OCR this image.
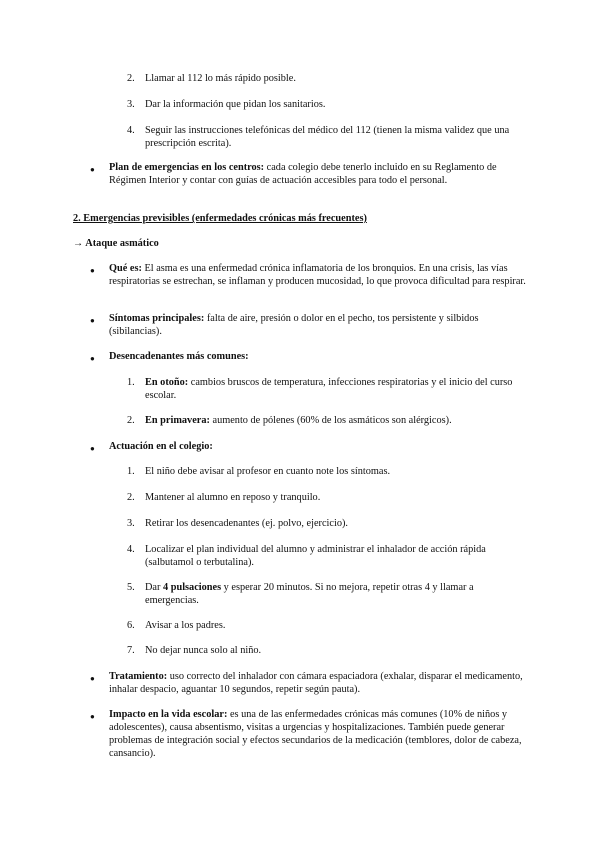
2. Llamar al 112 lo más rápido posible.
3. Dar la información que pidan los sanitarios.
4. Seguir las instrucciones telefónicas del médico del 112 (tienen la misma validez que una prescripción escrita).
● Plan de emergencias en los centros: cada colegio debe tenerlo incluido en su Reglamento de Régimen Interior y contar con guías de actuación accesibles para todo el personal.

2. Emergencias previsibles (enfermedades crónicas más frecuentes)
→ Ataque asmático
● Qué es: El asma es una enfermedad crónica inflamatoria de los bronquios. En una crisis, las vías respiratorias se estrechan, se inflaman y producen mucosidad, lo que provoca dificultad para respirar.

● Síntomas principales: falta de aire, presión o dolor en el pecho, tos persistente y silbidos (sibilancias).

● Desencadenantes más comunes:

1. En otoño: cambios bruscos de temperatura, infecciones respiratorias y el inicio del curso escolar.

2. En primavera: aumento de pólenes (60% de los asmáticos son alérgicos).

● Actuación en el colegio:

1. El niño debe avisar al profesor en cuanto note los síntomas.
2. Mantener al alumno en reposo y tranquilo.
3. Retirar los desencadenantes (ej. polvo, ejercicio).
4. Localizar el plan individual del alumno y administrar el inhalador de acción rápida (salbutamol o terbutalina).
5. Dar 4 pulsaciones y esperar 20 minutos. Si no mejora, repetir otras 4 y llamar a emergencias.

6. Avisar a los padres.
7. No dejar nunca solo al niño.
● Tratamiento: uso correcto del inhalador con cámara espaciadora (exhalar, disparar el medicamento, inhalar despacio, aguantar 10 segundos, repetir según pauta).

● Impacto en la vida escolar: es una de las enfermedades crónicas más comunes (10% de niños y adolescentes), causa absentismo, visitas a urgencias y hospitalizaciones. También puede generar problemas de integración social y efectos secundarios de la medicación (temblores, dolor de cabeza, cansancio).
